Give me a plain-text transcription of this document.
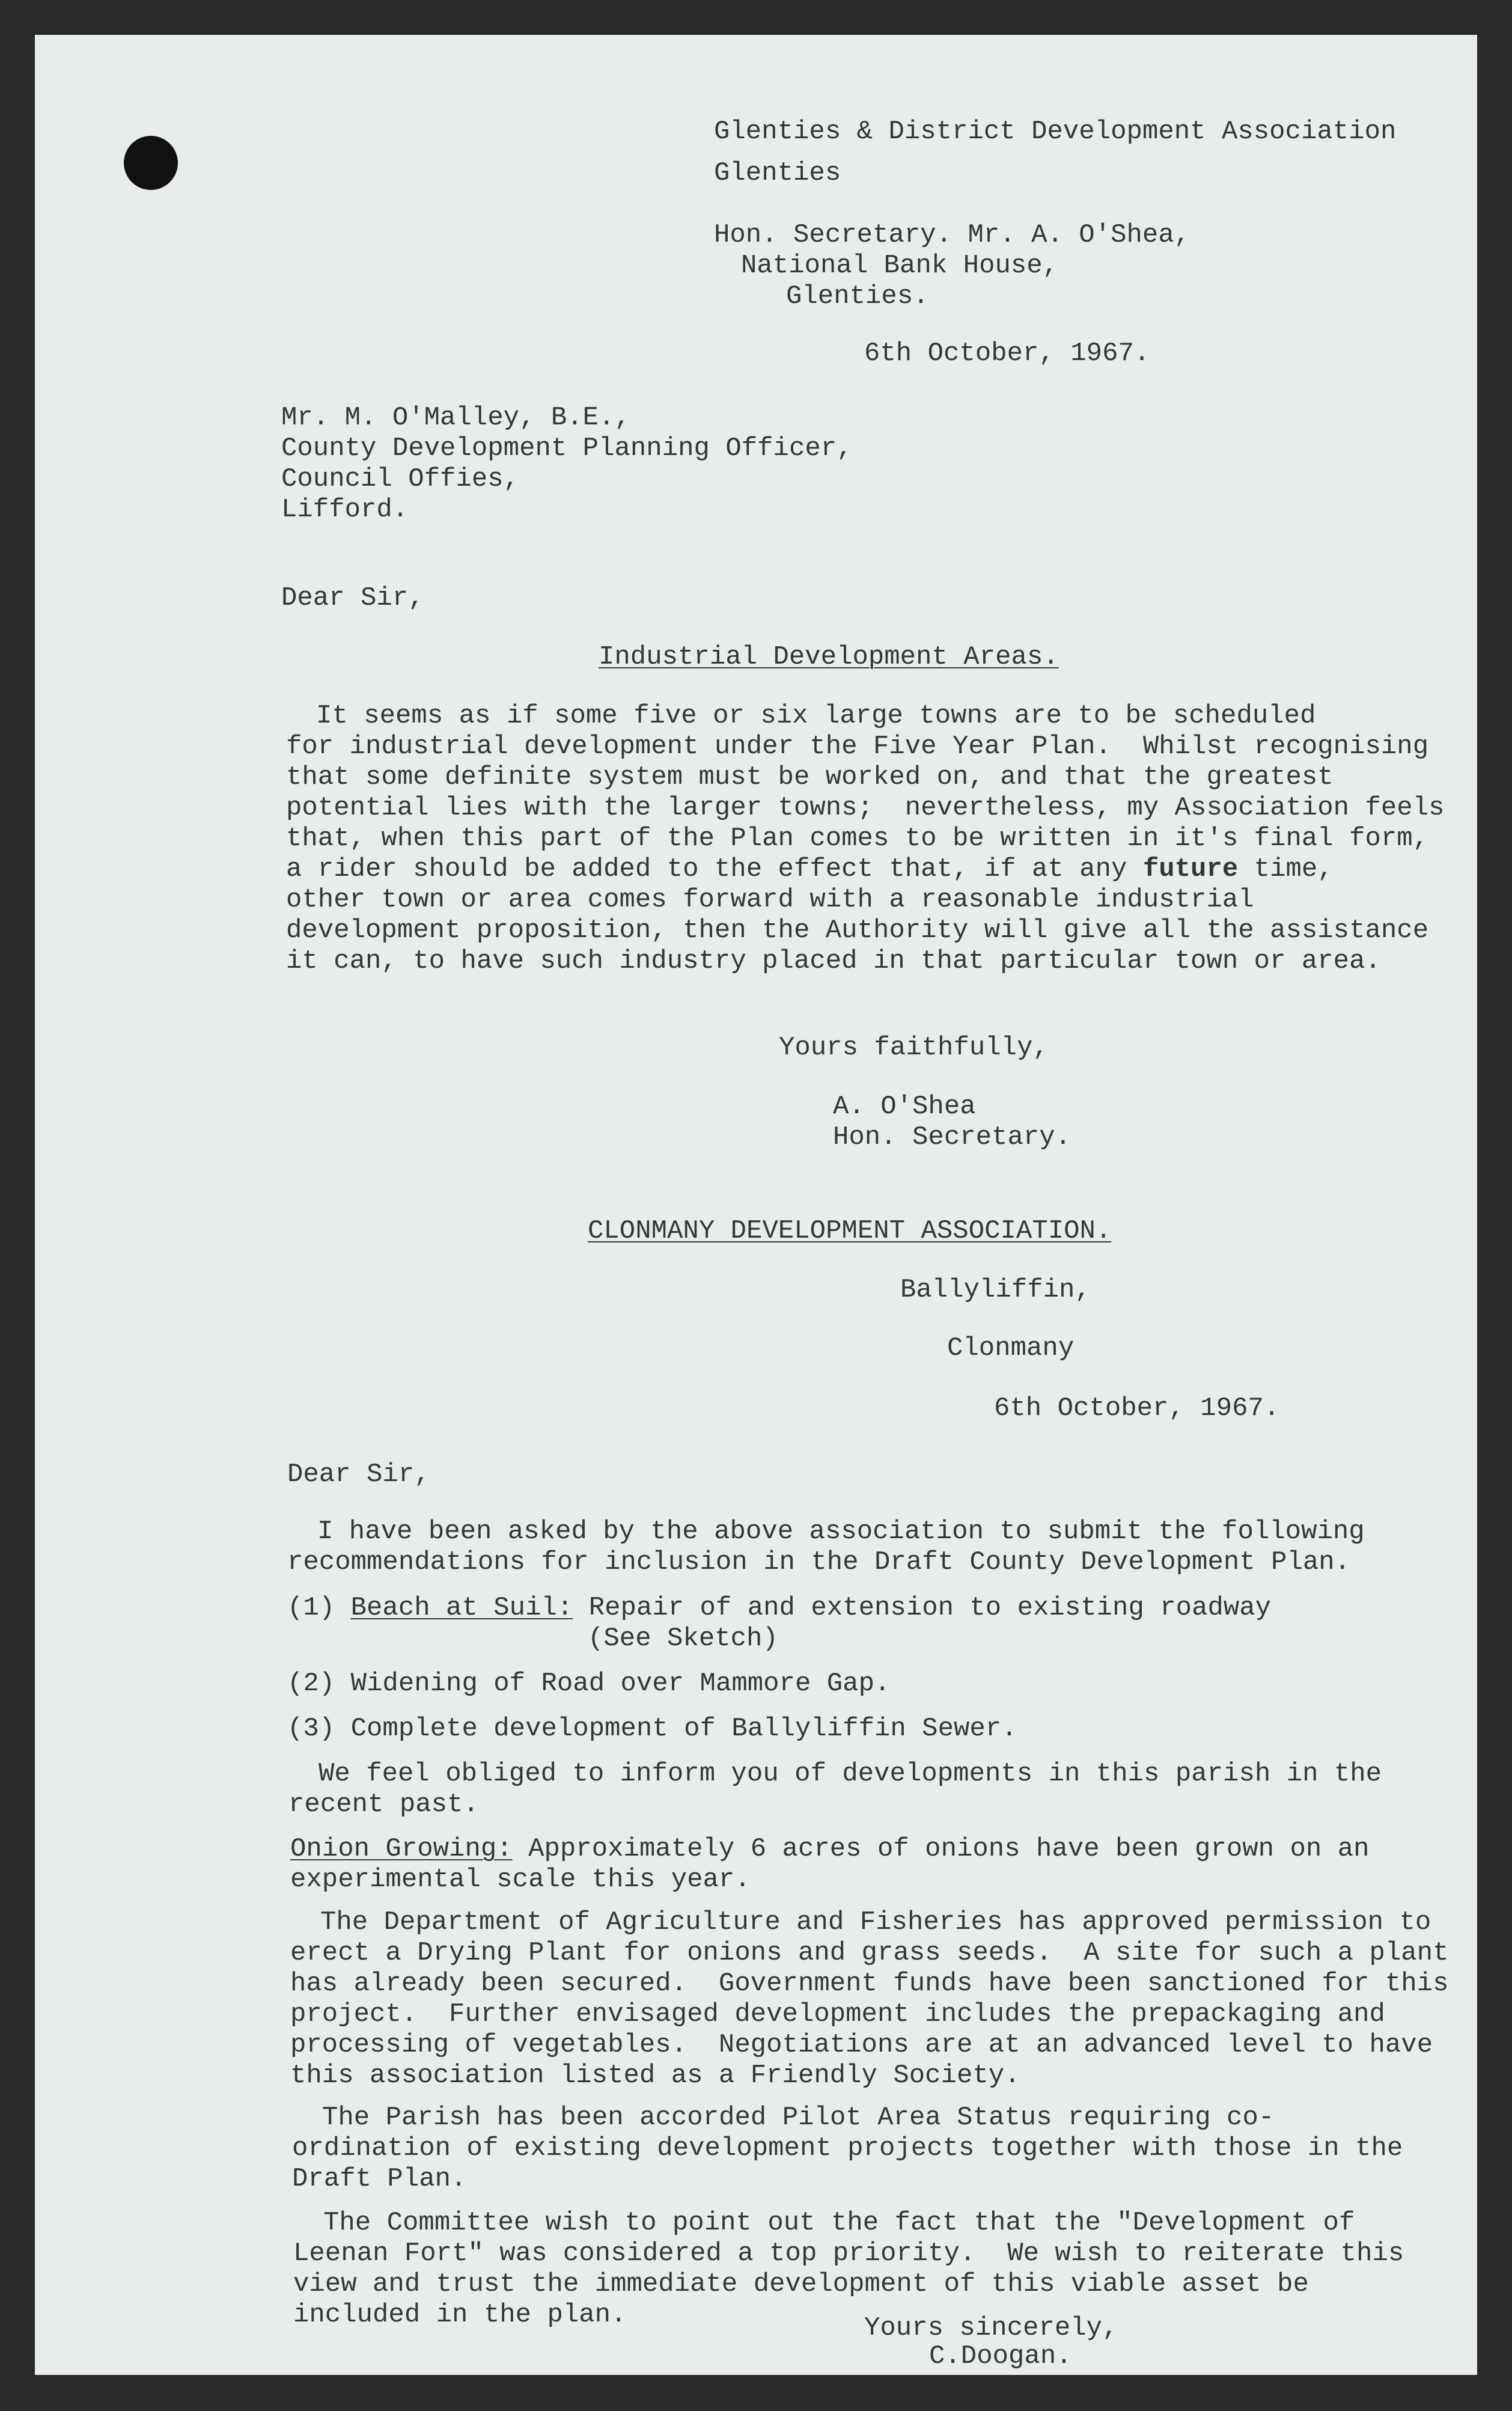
Glenties & District Development Association
Glenties
Hon. Secretary. Mr. A. O'Shea,
National Bank House,
Glenties.
6th October, 1967.
Mr. M. O'Malley, B.E.,
County Development Planning Officer,
Council Offies,
Lifford.
Dear Sir,
Industrial Development Areas.
It seems as if some five or six large towns are to be scheduled
for industrial development under the Five Year Plan.  Whilst recognising
that some definite system must be worked on, and that the greatest
potential lies with the larger towns;  nevertheless, my Association feels
that, when this part of the Plan comes to be written in it's final form,
a rider should be added to the effect that, if at any future time,
other town or area comes forward with a reasonable industrial
development proposition, then the Authority will give all the assistance
it can, to have such industry placed in that particular town or area.
Yours faithfully,
A. O'Shea
Hon. Secretary.
CLONMANY DEVELOPMENT ASSOCIATION.
Ballyliffin,
Clonmany
6th October, 1967.
Dear Sir,
I have been asked by the above association to submit the following
recommendations for inclusion in the Draft County Development Plan.
(1) Beach at Suil: Repair of and extension to existing roadway
(See Sketch)
(2) Widening of Road over Mammore Gap.
(3) Complete development of Ballyliffin Sewer.
We feel obliged to inform you of developments in this parish in the
recent past.
Onion Growing: Approximately 6 acres of onions have been grown on an
experimental scale this year.
The Department of Agriculture and Fisheries has approved permission to
erect a Drying Plant for onions and grass seeds.  A site for such a plant
has already been secured.  Government funds have been sanctioned for this
project.  Further envisaged development includes the prepackaging and
processing of vegetables.  Negotiations are at an advanced level to have
this association listed as a Friendly Society.
The Parish has been accorded Pilot Area Status requiring co-
ordination of existing development projects together with those in the
Draft Plan.
The Committee wish to point out the fact that the "Development of
Leenan Fort" was considered a top priority.  We wish to reiterate this
view and trust the immediate development of this viable asset be
included in the plan.	Yours sincerely,
C.Doogan.
